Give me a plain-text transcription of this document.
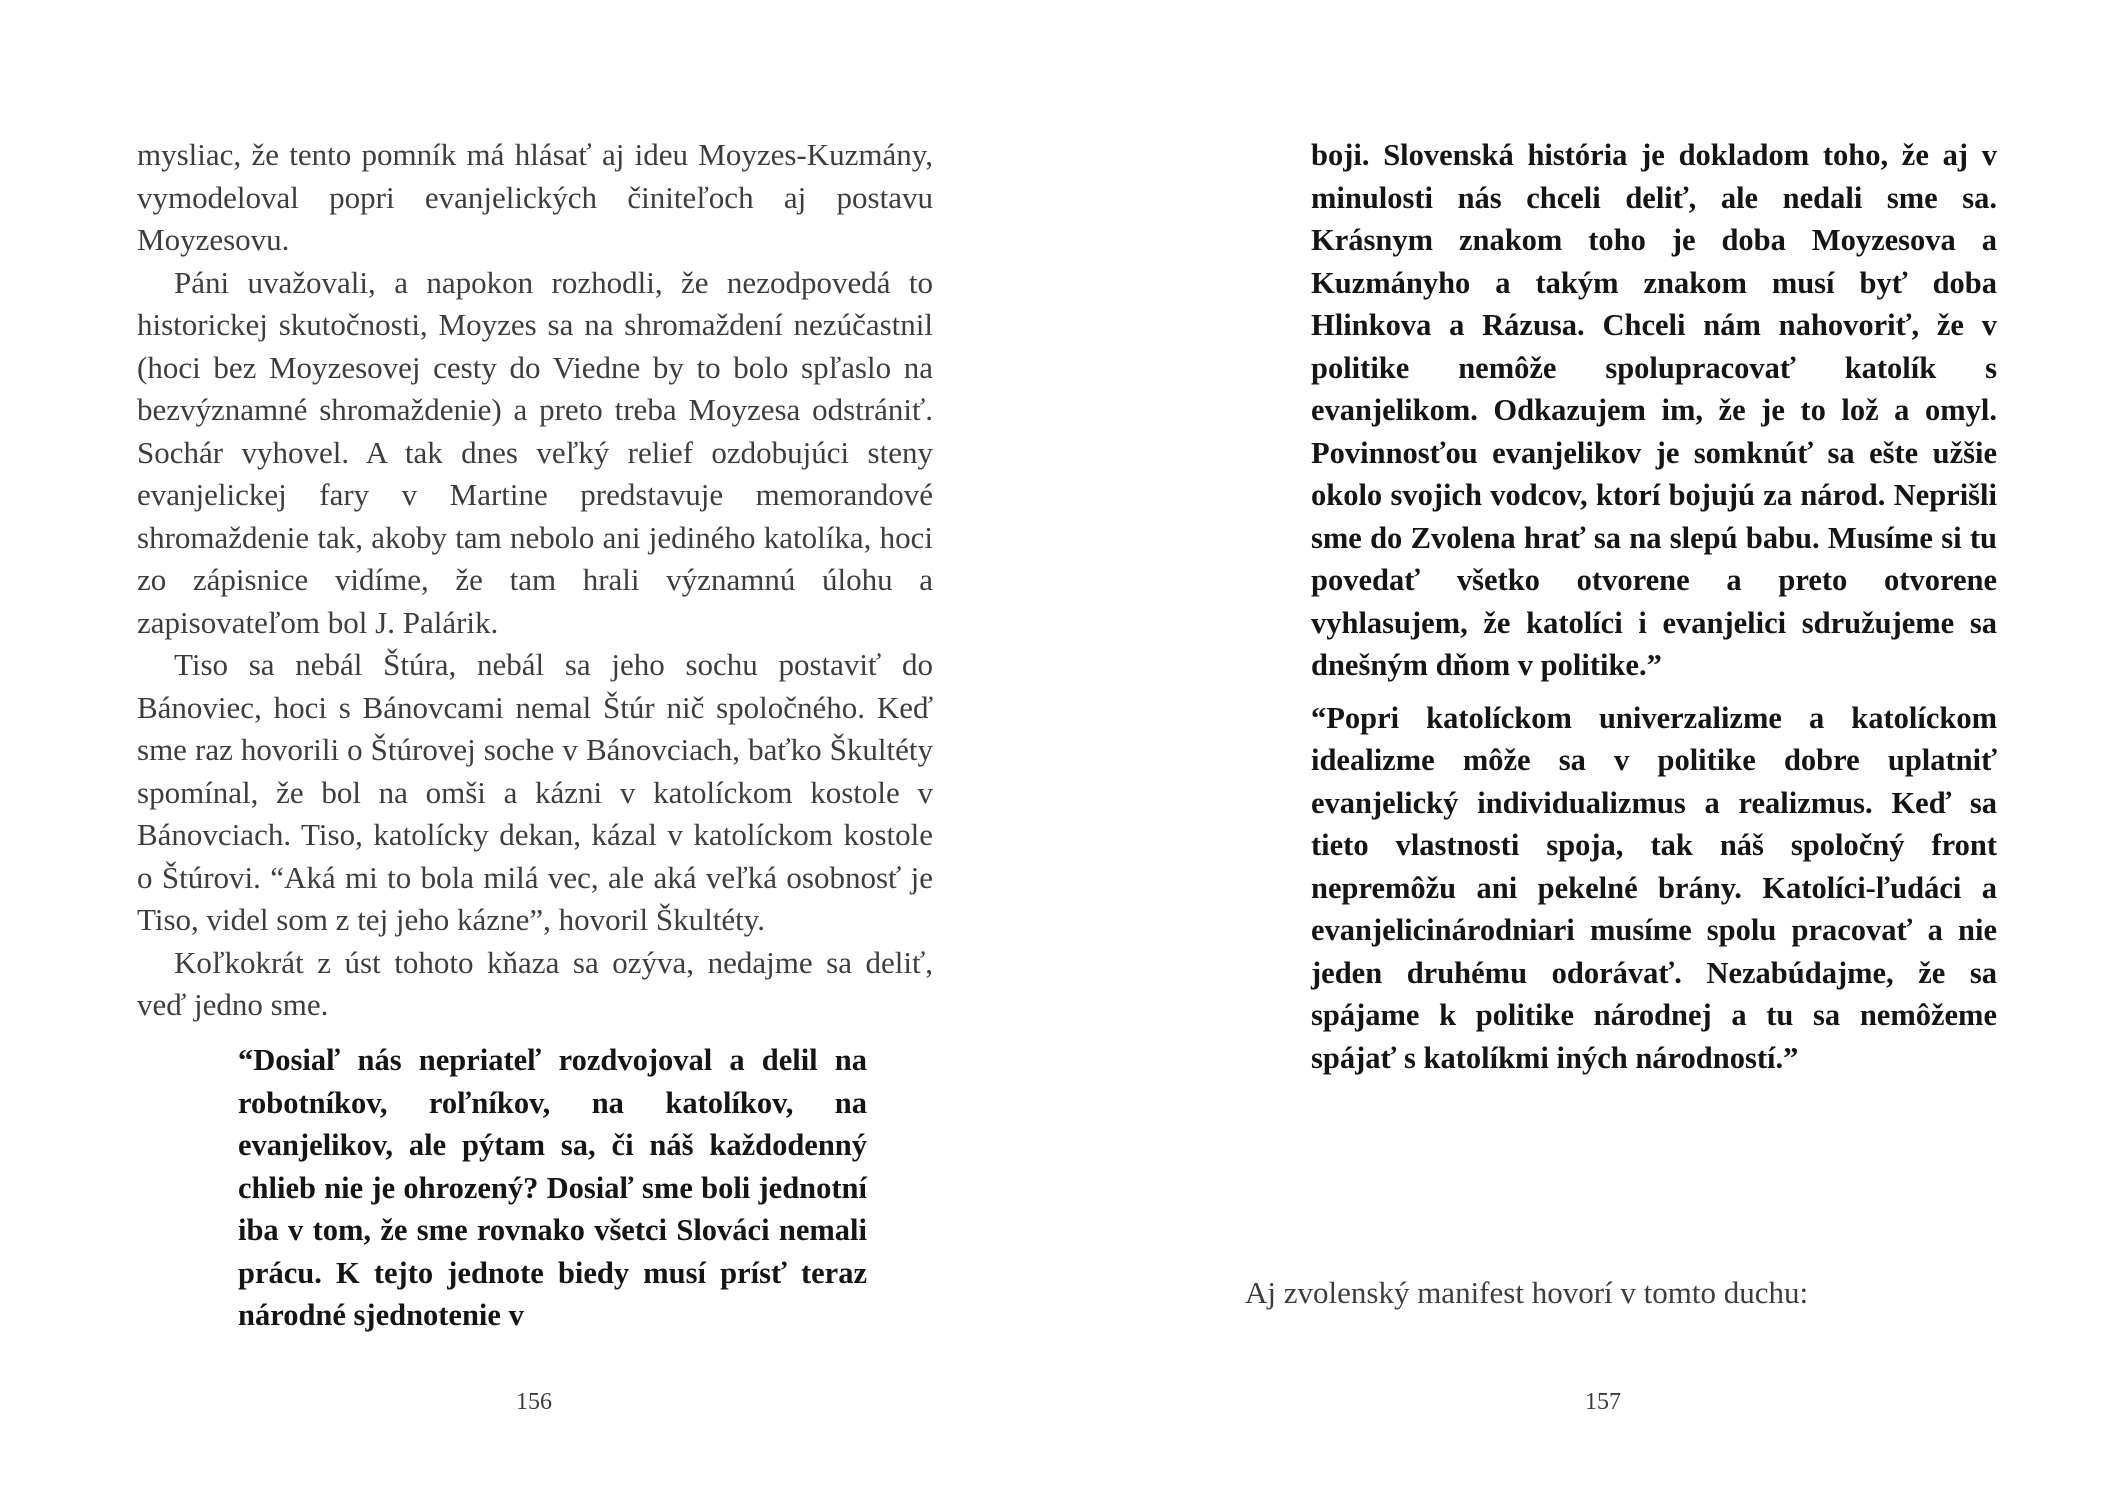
mysliac, že tento pomník má hlásať aj ideu Moyzes-Kuzmány, vymodeloval popri evanjelických činiteľoch aj postavu Moyzesovu.

Páni uvažovali, a napokon rozhodli, že nezodpovedá to historickej skutočnosti, Moyzes sa na shromaždení nezúčastnil (hoci bez Moyzesovej cesty do Viedne by to bolo spľaslo na bezvýznamné shromaždenie) a preto treba Moyzesa odstrániť. Sochár vyhovel. A tak dnes veľký relief ozdobujúci steny evanjelickej fary v Martine predstavuje memorandové shromaždenie tak, akoby tam nebolo ani jediného katolíka, hoci zo zápisnice vidíme, že tam hrali významnú úlohu a zapisovateľom bol J. Palárik.

Tiso sa nebál Štúra, nebál sa jeho sochu postaviť do Bánoviec, hoci s Bánovcami nemal Štúr nič spoločného. Keď sme raz hovorili o Štúrovej soche v Bánovciach, baťko Škultéty spomínal, že bol na omši a kázni v katolíckom kostole v Bánovciach. Tiso, katolícky dekan, kázal v katolíckom kostole o Štúrovi. “Aká mi to bola milá vec, ale aká veľká osobnosť je Tiso, videl som z tej jeho kázne”, hovoril Škultéty.

Koľkokrát z úst tohoto kňaza sa ozýva, nedajme sa deliť, veď jedno sme.

“Dosiaľ nás nepriateľ rozdvojoval a delil na robotníkov, roľníkov, na katolíkov, na evanjelikov, ale pýtam sa, či náš každodenný chlieb nie je ohrozený? Dosiaľ sme boli jednotní iba v tom, že sme rovnako všetci Slováci nemali prácu. K tejto jednote biedy musí prísť teraz národné sjednotenie v

156

boji. Slovenská história je dokladom toho, že aj v minulosti nás chceli deliť, ale nedali sme sa. Krásnym znakom toho je doba Moyzesova a Kuzmányho a takým znakom musí byť doba Hlinkova a Rázusa. Chceli nám nahovoriť, že v politike nemôže spolupracovať katolík s evanjelikom. Odkazujem im, že je to lož a omyl. Povinnosťou evanjelikov je somknúť sa ešte užšie okolo svojich vodcov, ktorí bojujú za národ. Neprišli sme do Zvolena hrať sa na slepú babu. Musíme si tu povedať všetko otvorene a preto otvorene vyhlasujem, že katolíci i evanjelici sdružujeme sa dnešným dňom v politike.”

“Popri katolíckom univerzalizme a katolíckom idealizme môže sa v politike dobre uplatniť evanjelický individualizmus a realizmus. Keď sa tieto vlastnosti spoja, tak náš spoločný front nepremôžu ani pekelné brány. Katolíci-ľudáci a evanjelicinárodniari musíme spolu pracovať a nie jeden druhému odorávať. Nezabúdajme, že sa spájame k politike národnej a tu sa nemôžeme spájať s katolíkmi iných národností.”

Aj zvolenský manifest hovorí v tomto duchu:

157
